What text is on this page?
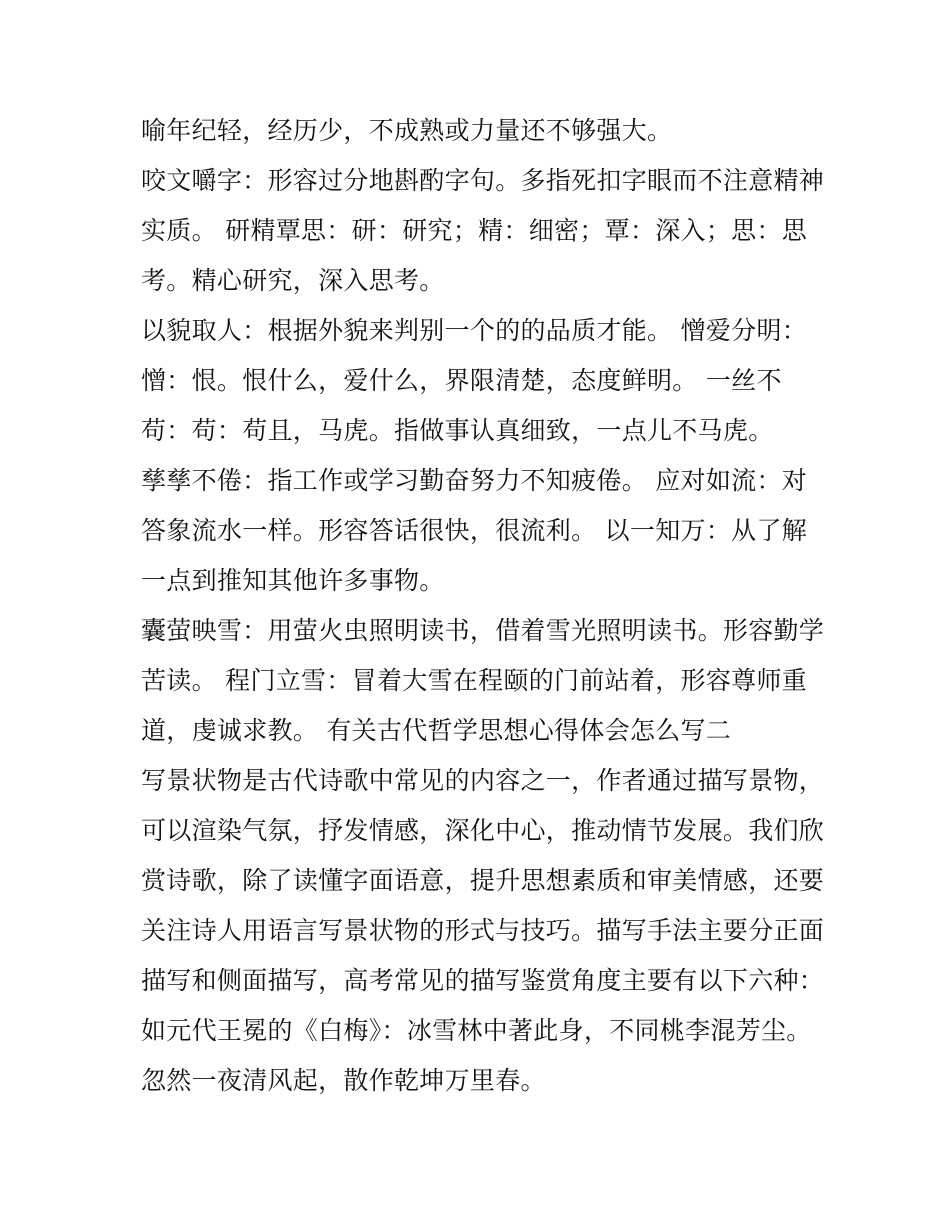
喻年纪轻，经历少，不成熟或力量还不够强大。
咬文嚼字：形容过分地斟酌字句。多指死扣字眼而不注意精神
实质。 研精覃思：研：研究；精：细密；覃：深入；思：思
考。精心研究，深入思考。
以貌取人：根据外貌来判别一个的的品质才能。 憎爱分明：
憎：恨。恨什么，爱什么，界限清楚，态度鲜明。 一丝不
苟：苟：苟且，马虎。指做事认真细致，一点儿不马虎。
孳孳不倦：指工作或学习勤奋努力不知疲倦。 应对如流：对
答象流水一样。形容答话很快，很流利。 以一知万：从了解
一点到推知其他许多事物。
囊萤映雪：用萤火虫照明读书，借着雪光照明读书。形容勤学
苦读。 程门立雪：冒着大雪在程颐的门前站着，形容尊师重
道，虔诚求教。 有关古代哲学思想心得体会怎么写二
写景状物是古代诗歌中常见的内容之一，作者通过描写景物，
可以渲染气氛，抒发情感，深化中心，推动情节发展。我们欣
赏诗歌，除了读懂字面语意，提升思想素质和审美情感，还要
关注诗人用语言写景状物的形式与技巧。描写手法主要分正面
描写和侧面描写，高考常见的描写鉴赏角度主要有以下六种：
如元代王冕的《白梅》：冰雪林中著此身，不同桃李混芳尘。
忽然一夜清风起，散作乾坤万里春。
